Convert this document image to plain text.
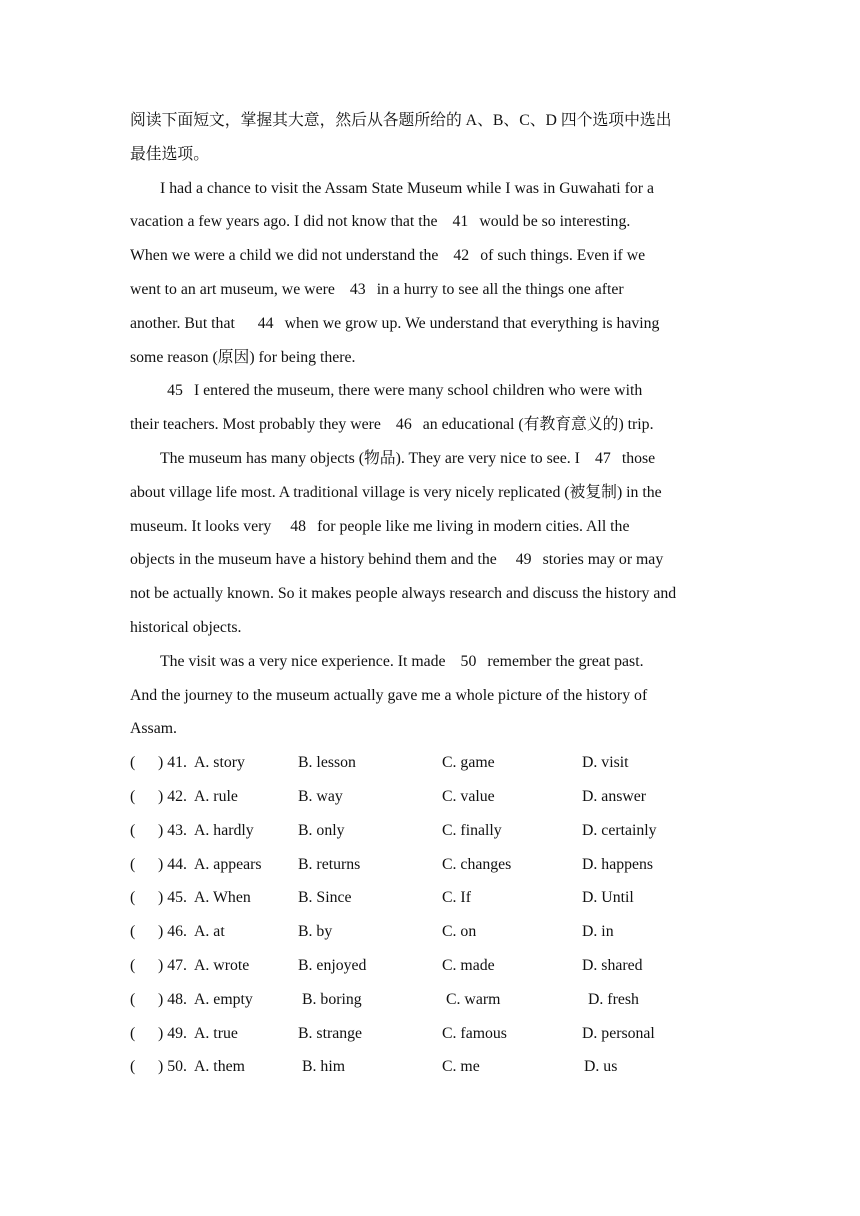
阅读下面短文，掌握其大意，然后从各题所给的 A、B、C、D 四个选项中选出
最佳选项。
I had a chance to visit the Assam State Museum while I was in Guwahati for a
vacation a few years ago. I did not know that the 41 would be so interesting.
When we were a child we did not understand the 42 of such things. Even if we
went to an art museum, we were 43 in a hurry to see all the things one after
another. But that 44 when we grow up. We understand that everything is having
some reason (原因) for being there.
45 I entered the museum, there were many school children who were with
their teachers. Most probably they were 46 an educational (有教育意义的) trip.
The museum has many objects (物品). They are very nice to see. I 47 those
about village life most. A traditional village is very nicely replicated (被复制) in the
museum. It looks very 48 for people like me living in modern cities. All the
objects in the museum have a history behind them and the 49 stories may or may
not be actually known. So it makes people always research and discuss the history and
historical objects.
The visit was a very nice experience. It made 50 remember the great past.
And the journey to the museum actually gave me a whole picture of the history of
Assam.
( ) 41. A. story	B. lesson	C. game	D. visit
( ) 42. A. rule	B. way	C. value	D. answer
( ) 43. A. hardly	B. only	C. finally	D. certainly
( ) 44. A. appears B. returns	C. changes	D. happens
( ) 45. A. When	B. Since	C. If	D. Until
( ) 46. A. at	B. by	C. on	D. in
( ) 47. A. wrote	B. enjoyed	C. made	D. shared
( ) 48. A. empty	B. boring	C. warm	D. fresh
( ) 49. A. true	B. strange	C. famous	D. personal
( ) 50. A. them	B. him	C. me	D. us
